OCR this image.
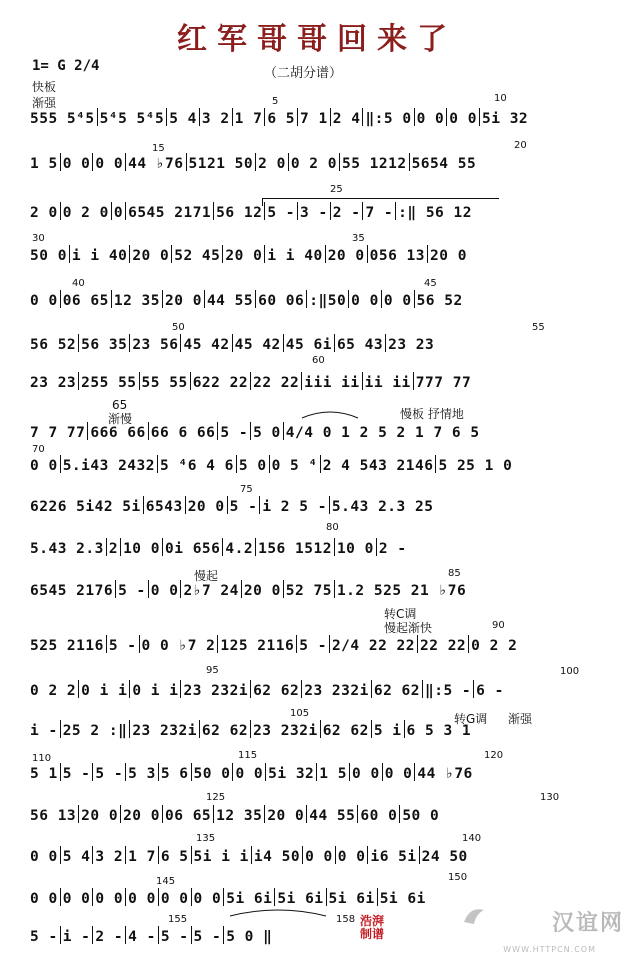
红军哥哥回来了
1= G 2/4	（二胡分谱）
快板
渐强
65
渐慢	慢板 抒情地
慢起
转C调
慢起渐快
转G调 渐强
5	10
15	20
25
30	35
40	45
50	55
60
70
75
80
85
90
95	100
105
110	115	120
125	130
135	140
145	150
155	158
555 5⁴5 5⁴5 5⁴5 5 4 3 2 1 7 6 5 7 1 2 4 ‖:5 0 0 0 0 0 5i 32
1 5 0 0 0 0 44 ♭76 5121 50 2 0 0 2 0 55 1212 5654 55
2 0 0 2 0 0 6545 2171 56 12 5 - 3 - 2 - 7 - :‖ 56 12
50 0 i i 40 20 0 52 45 20 0 i i 40 20 0 056 13 20 0
0 0 06 65 12 35 20 0 44 55 60 06 :‖50 0 0 0 0 56 52
56 52 56 35 23 56 45 42 45 42 45 6i 65 43 23 23
23 23 255 55 55 55 622 22 22 22 iii ii ii ii 777 77
7 7 77 666 66 66 6 66 5 - 5 0 4/4 0 1 2 5 2 1 7 6 5
0 0 5.i43 2432 5 ⁴6 4 6 5 0 0 5 ⁴ 2 4 543 2146 5 25 1 0
6226 5i42 5i 6543 20 0 5 - i 2 5 - 5.43 2.3 25
5.43 2.3 2 10 0 0i 656 4.2 156 1512 10 0 2 -
6545 2176 5 - 0 0 2♭7 24 20 0 52 75 1.2 525 21 ♭76
525 2116 5 - 0 0 ♭7 2 125 2116 5 - 2/4 22 22 22 22 0 2 2
0 2 2 0 i i 0 i i 23 232i 62 62 23 232i 62 62 ‖:5 - 6 -
i - 25 2 :‖ 23 232i 62 62 23 232i 62 62 5 i 6 5 3 1
5 1 5 - 5 - 5 3 5 6 50 0 0 0 5i 32 1 5 0 0 0 0 44 ♭76
56 13 20 0 20 0 06 65 12 35 20 0 44 55 60 0 50 0
0 0 5 4 3 2 1 7 6 5 5i i i i4 50 0 0 0 0 i6 5i 24 50
0 0 0 0 0 0 0 0 0 0 0 0 5i 6i 5i 6i 5i 6i 5i 6i
5 - i - 2 - 4 - 5 - 5 - 5 0 ‖
浩湃
制谱	汉谊网
WWW.HTTPCN.COM
